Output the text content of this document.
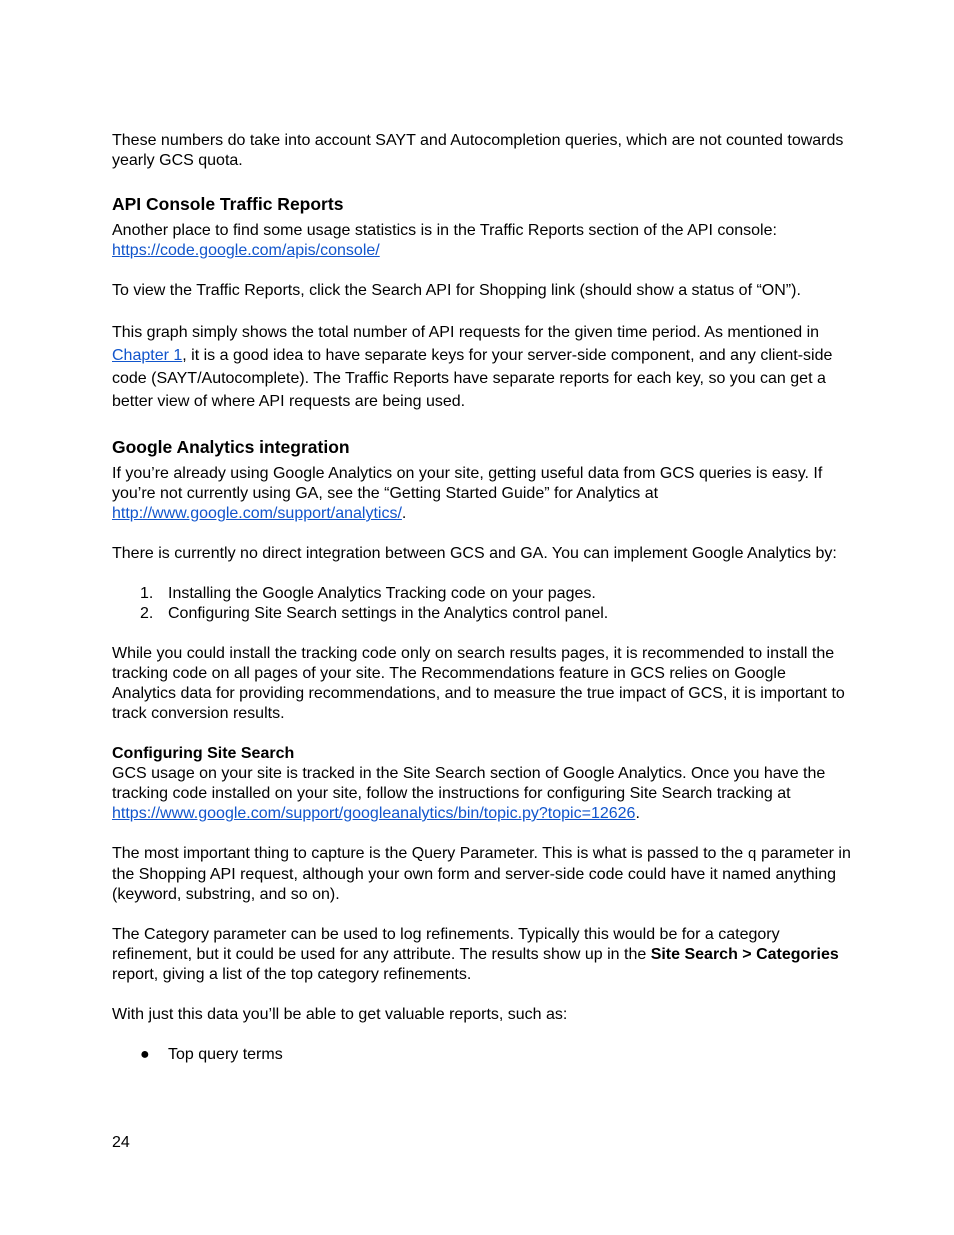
These numbers do take into account SAYT and Autocompletion queries, which are not counted towards yearly GCS quota.

API Console Traffic Reports

Another place to find some usage statistics is in the Traffic Reports section of the API console: https://code.google.com/apis/console/

To view the Traffic Reports, click the Search API for Shopping link (should show a status of “ON”).

This graph simply shows the total number of API requests for the given time period. As mentioned in Chapter 1, it is a good idea to have separate keys for your server-side component, and any client-side code (SAYT/Autocomplete). The Traffic Reports have separate reports for each key, so you can get a better view of where API requests are being used.

Google Analytics integration

If you’re already using Google Analytics on your site, getting useful data from GCS queries is easy. If you’re not currently using GA, see the “Getting Started Guide” for Analytics at
http://www.google.com/support/analytics/.

There is currently no direct integration between GCS and GA. You can implement Google Analytics by:

1. Installing the Google Analytics Tracking code on your pages.
2. Configuring Site Search settings in the Analytics control panel.

While you could install the tracking code only on search results pages, it is recommended to install the tracking code on all pages of your site. The Recommendations feature in GCS relies on Google Analytics data for providing recommendations, and to measure the true impact of GCS, it is important to track conversion results.

Configuring Site Search

GCS usage on your site is tracked in the Site Search section of Google Analytics. Once you have the tracking code installed on your site, follow the instructions for configuring Site Search tracking at
https://www.google.com/support/googleanalytics/bin/topic.py?topic=12626.

The most important thing to capture is the Query Parameter. This is what is passed to the q parameter in the Shopping API request, although your own form and server-side code could have it named anything (keyword, substring, and so on).

The Category parameter can be used to log refinements. Typically this would be for a category refinement, but it could be used for any attribute. The results show up in the Site Search > Categories report, giving a list of the top category refinements.

With just this data you’ll be able to get valuable reports, such as:

● Top query terms
24
